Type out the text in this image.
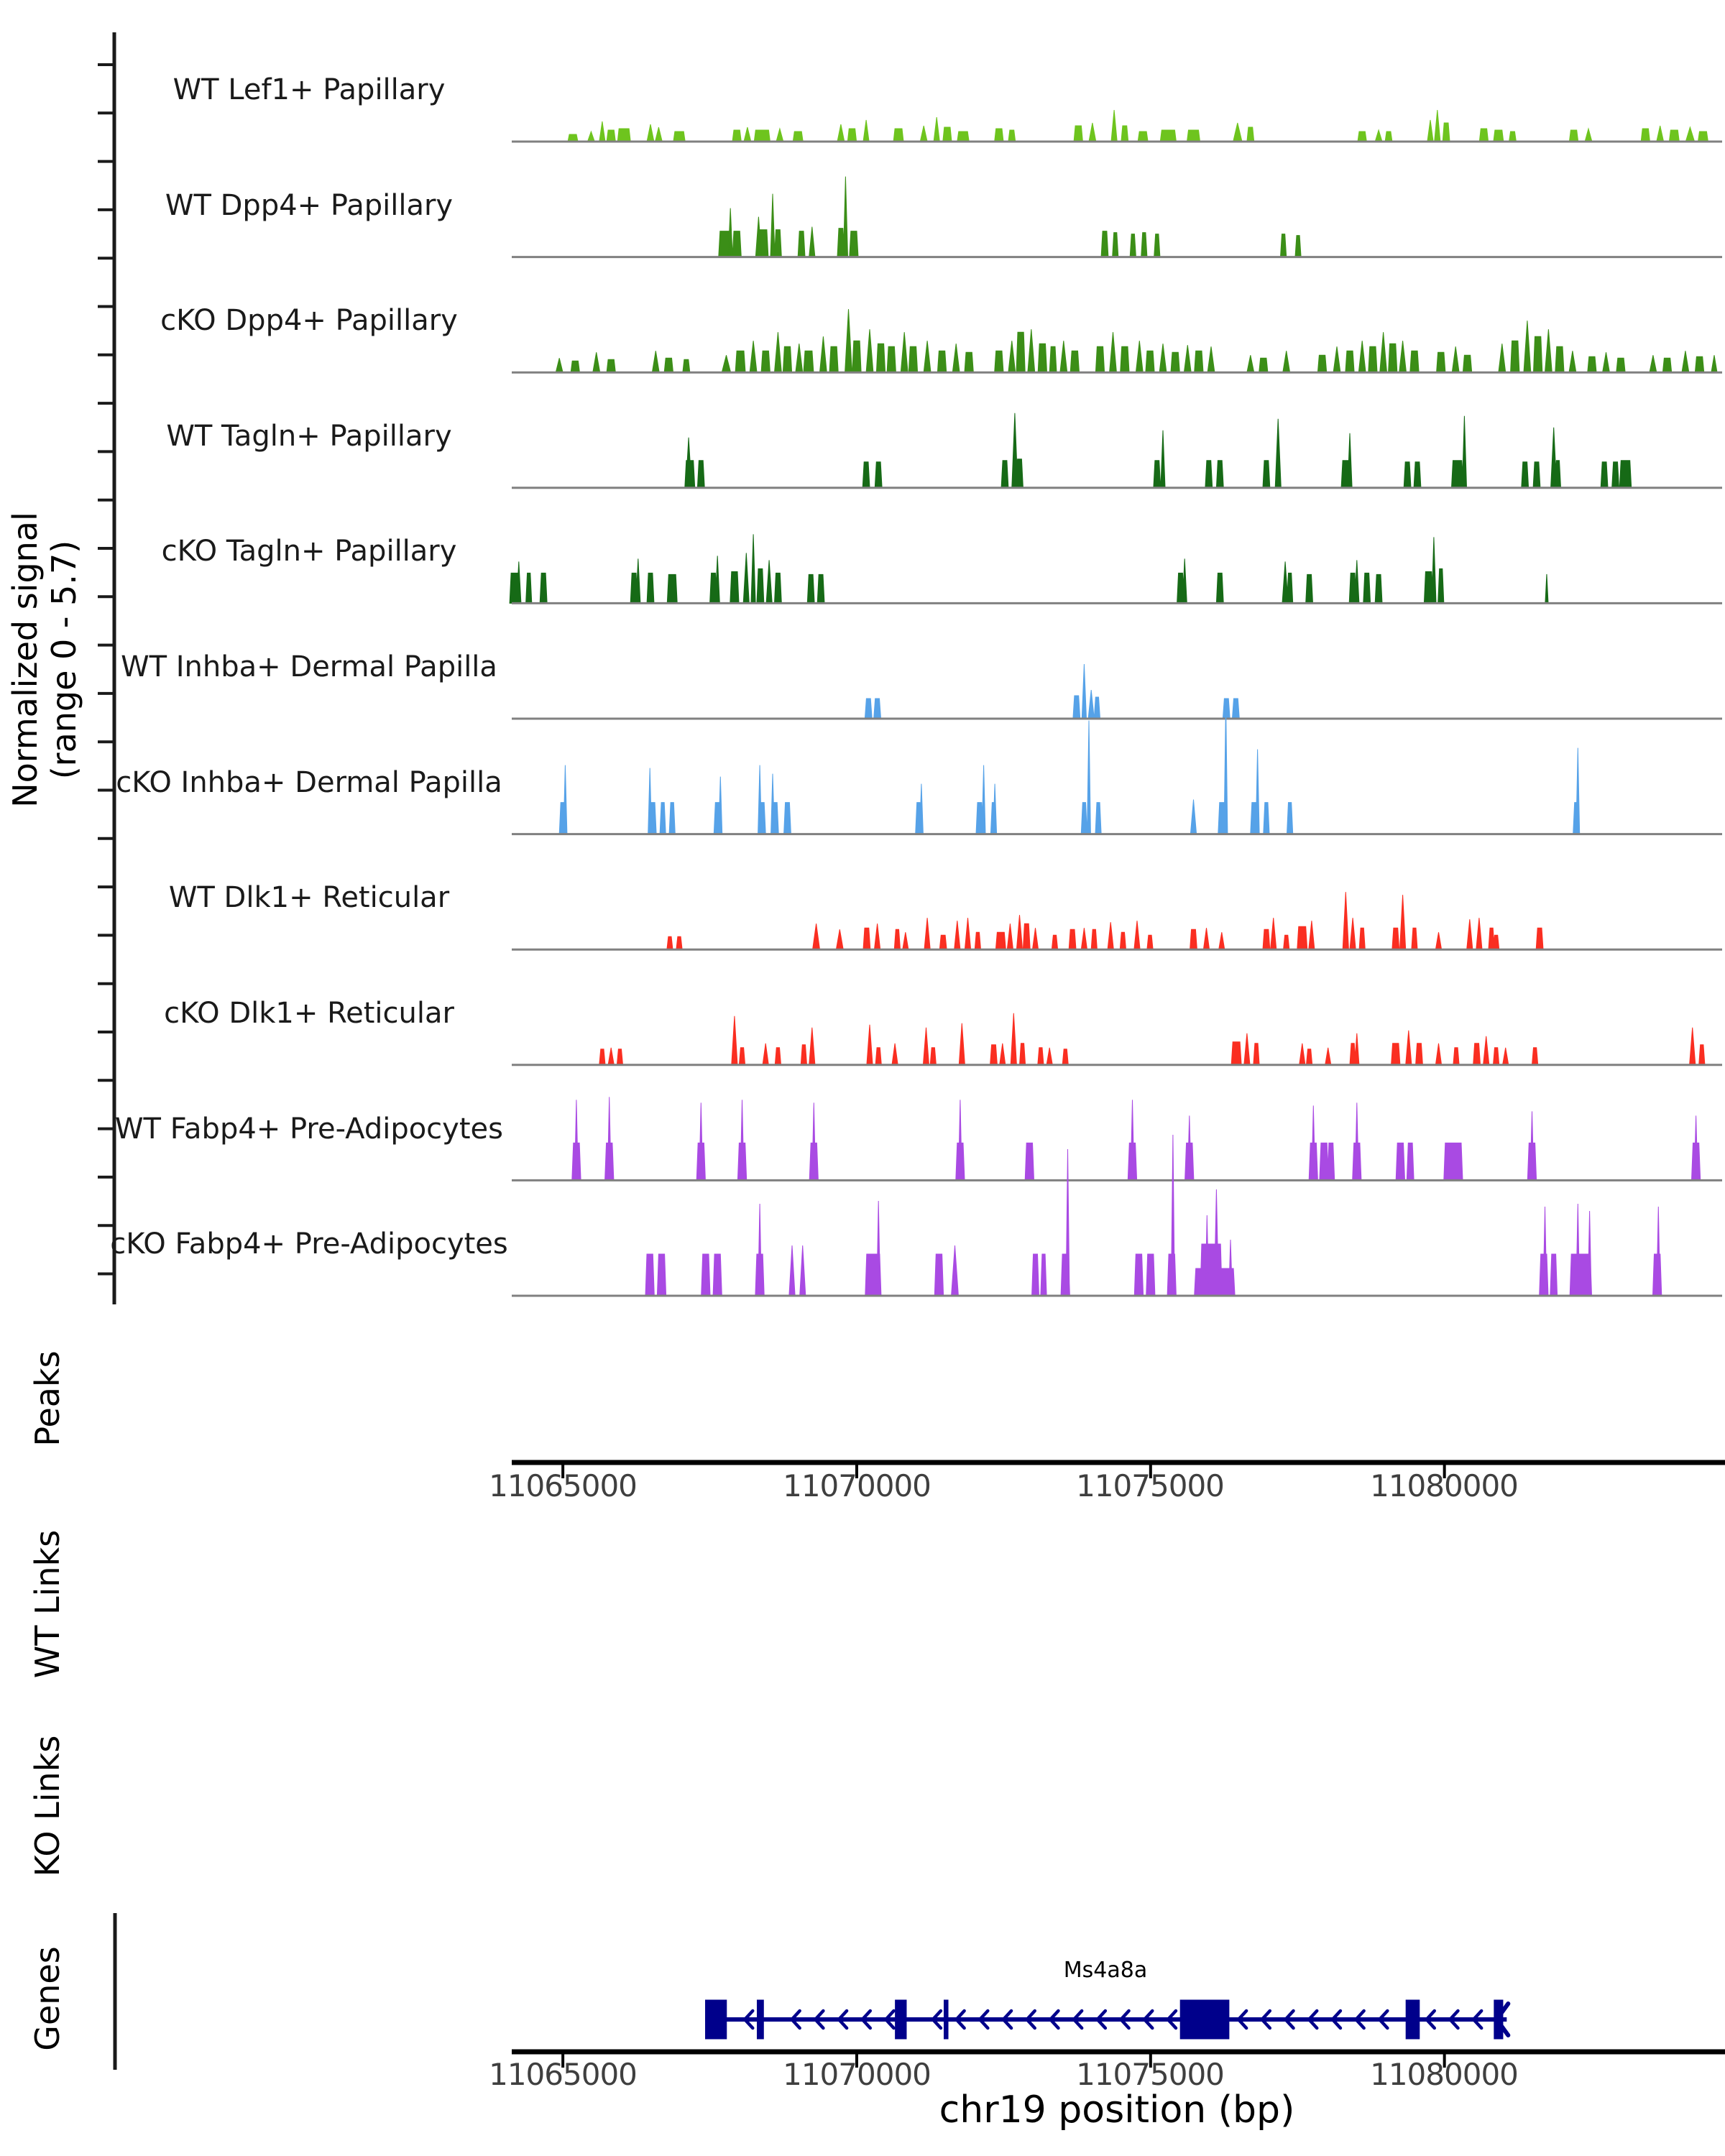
Normalized signal (range 0 - 5.7)
WT Lef1+ Papillary
WT Dpp4+ Papillary
cKO Dpp4+ Papillary
WT Tagln+ Papillary
cKO Tagln+ Papillary
WT Inhba+ Dermal Papilla
cKO Inhba+ Dermal Papilla
WT Dlk1+ Reticular
cKO Dlk1+ Reticular
WT Fabp4+ Pre-Adipocytes
cKO Fabp4+ Pre-Adipocytes
Peaks
WT Links
KO Links
Genes
11065000	11070000	11075000	11080000
Ms4a8a
11065000	11070000	11075000	11080000
chr19 position (bp)
